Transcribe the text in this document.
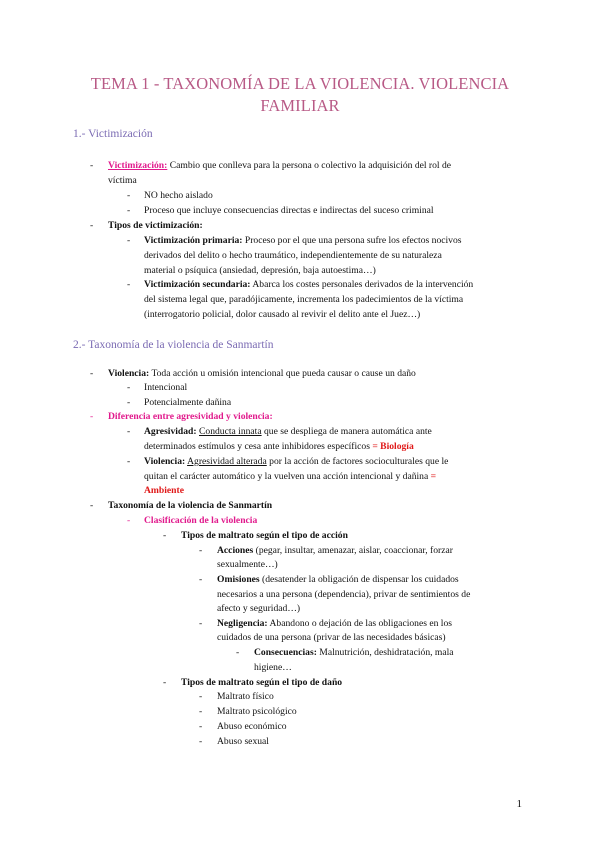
TEMA 1 - TAXONOMÍA DE LA VIOLENCIA. VIOLENCIA
FAMILIAR
1.- Victimización
- Victimización: Cambio que conlleva para la persona o colectivo la adquisición del rol de
víctima
- NO hecho aislado
- Proceso que incluye consecuencias directas e indirectas del suceso criminal
- Tipos de victimización:
- Victimización primaria: Proceso por el que una persona sufre los efectos nocivos
derivados del delito o hecho traumático, independientemente de su naturaleza
material o psíquica (ansiedad, depresión, baja autoestima…)
- Victimización secundaria: Abarca los costes personales derivados de la intervención
del sistema legal que, paradójicamente, incrementa los padecimientos de la víctima
(interrogatorio policial, dolor causado al revivir el delito ante el Juez…)
2.- Taxonomía de la violencia de Sanmartín
- Violencia: Toda acción u omisión intencional que pueda causar o cause un daño
- Intencional
- Potencialmente dañina
- Diferencia entre agresividad y violencia:
- Agresividad: Conducta innata que se despliega de manera automática ante
determinados estímulos y cesa ante inhibidores específicos = Biología
- Violencia: Agresividad alterada por la acción de factores socioculturales que le
quitan el carácter automático y la vuelven una acción intencional y dañina =
Ambiente
- Taxonomía de la violencia de Sanmartín
- Clasificación de la violencia
- Tipos de maltrato según el tipo de acción
- Acciones (pegar, insultar, amenazar, aislar, coaccionar, forzar
sexualmente…)
- Omisiones (desatender la obligación de dispensar los cuidados
necesarios a una persona (dependencia), privar de sentimientos de
afecto y seguridad…)
- Negligencia: Abandono o dejación de las obligaciones en los
cuidados de una persona (privar de las necesidades básicas)
- Consecuencias: Malnutrición, deshidratación, mala
higiene…
- Tipos de maltrato según el tipo de daño
- Maltrato físico
- Maltrato psicológico
- Abuso económico
- Abuso sexual
1
